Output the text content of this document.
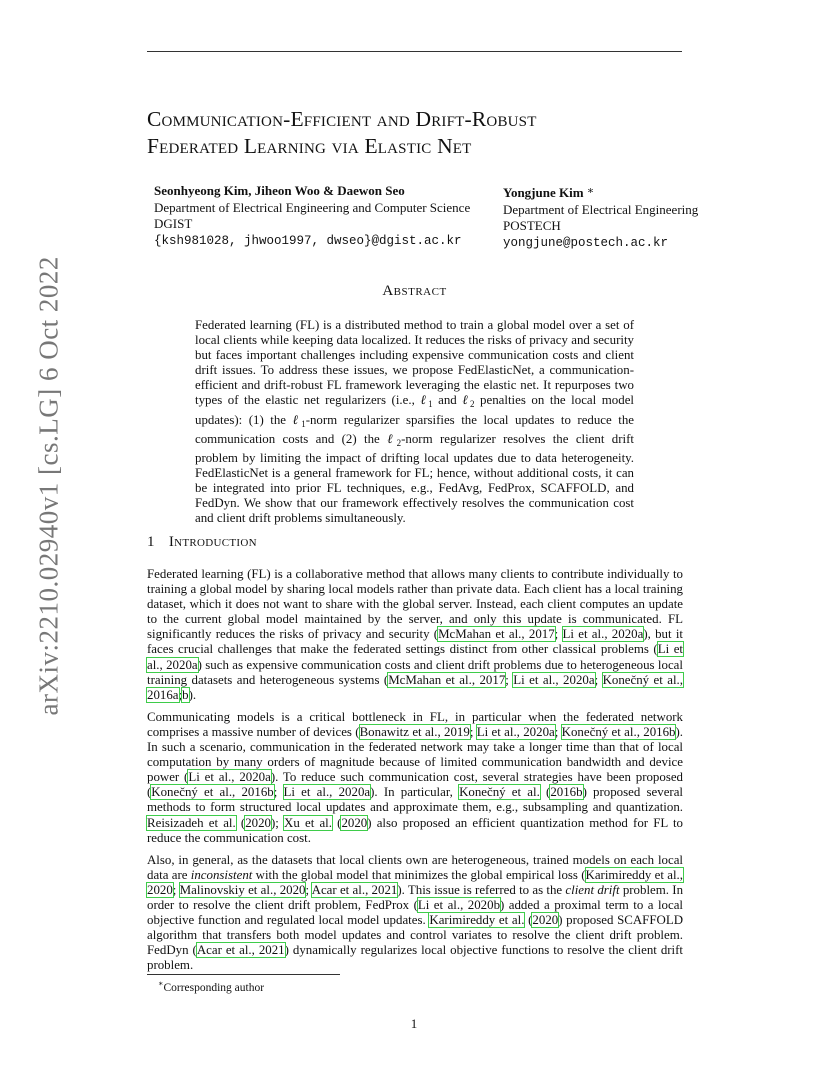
arXiv:2210.02940v1 [cs.LG] 6 Oct 2022
Communication-Efficient and Drift-Robust
Federated Learning via Elastic Net
Seonhyeong Kim, Jiheon Woo & Daewon Seo
Department of Electrical Engineering and Computer Science
DGIST
{ksh981028, jhwoo1997, dwseo}@dgist.ac.kr
Yongjune Kim ∗
Department of Electrical Engineering
POSTECH
yongjune@postech.ac.kr
Abstract

Federated learning (FL) is a distributed method to train a global model over a set of local clients while keeping data localized. It reduces the risks of privacy and security but faces important challenges including expensive communication costs and client drift issues. To address these issues, we propose FedElasticNet, a communication-efficient and drift-robust FL framework leveraging the elastic net. It repurposes two types of the elastic net regularizers (i.e., ℓ$_1$ and ℓ$_2$ penalties on the local model updates): (1) the ℓ$_1$-norm regularizer sparsifies the local updates to reduce the communication costs and (2) the ℓ$_2$-norm regularizer resolves the client drift problem by limiting the impact of drifting local updates due to data heterogeneity. FedElasticNet is a general framework for FL; hence, without additional costs, it can be integrated into prior FL techniques, e.g., FedAvg, FedProx, SCAFFOLD, and FedDyn. We show that our framework effectively resolves the communication cost and client drift problems simultaneously.

1 Introduction

Federated learning (FL) is a collaborative method that allows many clients to contribute individually to training a global model by sharing local models rather than private data. Each client has a local training dataset, which it does not want to share with the global server. Instead, each client computes an update to the current global model maintained by the server, and only this update is communicated. FL significantly reduces the risks of privacy and security (McMahan et al., 2017; Li et al., 2020a), but it faces crucial challenges that make the federated settings distinct from other classical problems (Li et al., 2020a) such as expensive communication costs and client drift problems due to heterogeneous local training datasets and heterogeneous systems (McMahan et al., 2017; Li et al., 2020a; Konečný et al., 2016a;b).

Communicating models is a critical bottleneck in FL, in particular when the federated network comprises a massive number of devices (Bonawitz et al., 2019; Li et al., 2020a; Konečný et al., 2016b). In such a scenario, communication in the federated network may take a longer time than that of local computation by many orders of magnitude because of limited communication bandwidth and device power (Li et al., 2020a). To reduce such communication cost, several strategies have been proposed (Konečný et al., 2016b; Li et al., 2020a). In particular, Konečný et al. (2016b) proposed several methods to form structured local updates and approximate them, e.g., subsampling and quantization. Reisizadeh et al. (2020); Xu et al. (2020) also proposed an efficient quantization method for FL to reduce the communication cost.

Also, in general, as the datasets that local clients own are heterogeneous, trained models on each local data are inconsistent with the global model that minimizes the global empirical loss (Karimireddy et al., 2020; Malinovskiy et al., 2020; Acar et al., 2021). This issue is referred to as the client drift problem. In order to resolve the client drift problem, FedProx (Li et al., 2020b) added a proximal term to a local objective function and regulated local model updates. Karimireddy et al. (2020) proposed SCAFFOLD algorithm that transfers both model updates and control variates to resolve the client drift problem. FedDyn (Acar et al., 2021) dynamically regularizes local objective functions to resolve the client drift problem.

∗Corresponding author
1
